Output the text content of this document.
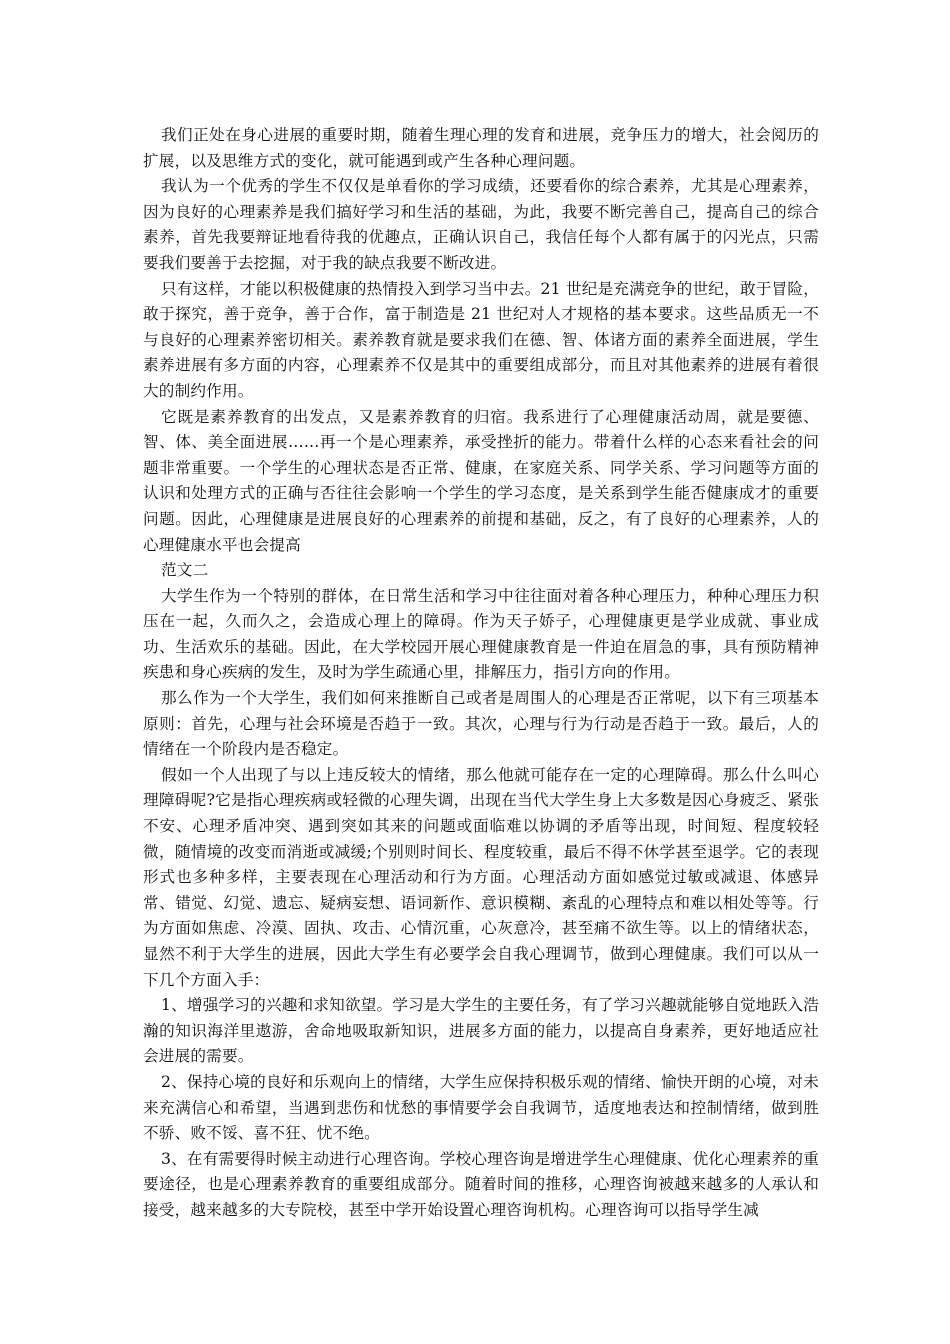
我们正处在身心进展的重要时期，随着生理心理的发育和进展，竞争压力的增大，社会阅历的扩展，以及思维方式的变化，就可能遇到或产生各种心理问题。

我认为一个优秀的学生不仅仅是单看你的学习成绩，还要看你的综合素养，尤其是心理素养，因为良好的心理素养是我们搞好学习和生活的基础，为此，我要不断完善自己，提高自己的综合素养，首先我要辩证地看待我的优趣点，正确认识自己，我信任每个人都有属于的闪光点，只需要我们要善于去挖掘，对于我的缺点我要不断改进。

只有这样，才能以积极健康的热情投入到学习当中去。21 世纪是充满竞争的世纪，敢于冒险，敢于探究，善于竞争，善于合作，富于制造是 21 世纪对人才规格的基本要求。这些品质无一不与良好的心理素养密切相关。素养教育就是要求我们在德、智、体诸方面的素养全面进展，学生素养进展有多方面的内容，心理素养不仅是其中的重要组成部分，而且对其他素养的进展有着很大的制约作用。

它既是素养教育的出发点，又是素养教育的归宿。我系进行了心理健康活动周，就是要德、智、体、美全面进展……再一个是心理素养，承受挫折的能力。带着什么样的心态来看社会的问题非常重要。一个学生的心理状态是否正常、健康，在家庭关系、同学关系、学习问题等方面的认识和处理方式的正确与否往往会影响一个学生的学习态度，是关系到学生能否健康成才的重要问题。因此，心理健康是进展良好的心理素养的前提和基础，反之，有了良好的心理素养，人的心理健康水平也会提高

范文二

大学生作为一个特别的群体，在日常生活和学习中往往面对着各种心理压力，种种心理压力积压在一起，久而久之，会造成心理上的障碍。作为天子娇子，心理健康更是学业成就、事业成功、生活欢乐的基础。因此，在大学校园开展心理健康教育是一件迫在眉急的事，具有预防精神疾患和身心疾病的发生，及时为学生疏通心里，排解压力，指引方向的作用。

那么作为一个大学生，我们如何来推断自己或者是周围人的心理是否正常呢，以下有三项基本原则：首先，心理与社会环境是否趋于一致。其次，心理与行为行动是否趋于一致。最后，人的情绪在一个阶段内是否稳定。

假如一个人出现了与以上违反较大的情绪，那么他就可能存在一定的心理障碍。那么什么叫心理障碍呢?它是指心理疾病或轻微的心理失调，出现在当代大学生身上大多数是因心身疲乏、紧张不安、心理矛盾冲突、遇到突如其来的问题或面临难以协调的矛盾等出现，时间短、程度较轻微，随情境的改变而消逝或减缓;个别则时间长、程度较重，最后不得不休学甚至退学。它的表现形式也多种多样，主要表现在心理活动和行为方面。心理活动方面如感觉过敏或减退、体感异常、错觉、幻觉、遗忘、疑病妄想、语词新作、意识模糊、紊乱的心理特点和难以相处等等。行为方面如焦虑、冷漠、固执、攻击、心情沉重，心灰意冷，甚至痛不欲生等。以上的情绪状态，显然不利于大学生的进展，因此大学生有必要学会自我心理调节，做到心理健康。我们可以从一下几个方面入手：

1、增强学习的兴趣和求知欲望。学习是大学生的主要任务，有了学习兴趣就能够自觉地跃入浩瀚的知识海洋里遨游，舍命地吸取新知识，进展多方面的能力，以提高自身素养，更好地适应社会进展的需要。

2、保持心境的良好和乐观向上的情绪，大学生应保持积极乐观的情绪、愉快开朗的心境，对未来充满信心和希望，当遇到悲伤和忧愁的事情要学会自我调节，适度地表达和控制情绪，做到胜不骄、败不馁、喜不狂、忧不绝。

3、在有需要得时候主动进行心理咨询。学校心理咨询是增进学生心理健康、优化心理素养的重要途径，也是心理素养教育的重要组成部分。随着时间的推移，心理咨询被越来越多的人承认和接受，越来越多的大专院校，甚至中学开始设置心理咨询机构。心理咨询可以指导学生减
